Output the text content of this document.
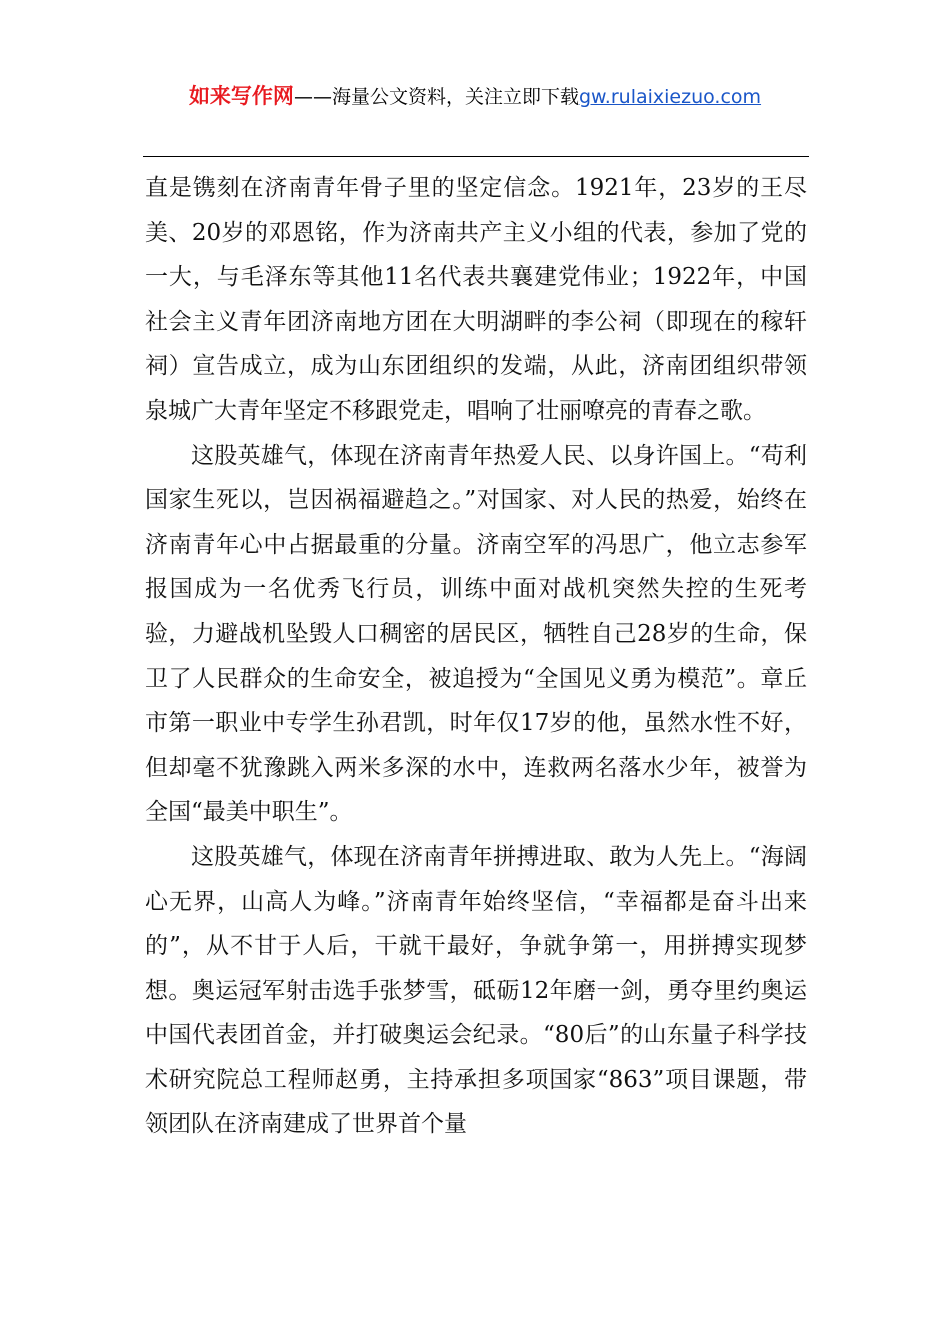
如来写作网——海量公文资料，关注立即下载gw.rulaixiezuo.com

直是镌刻在济南青年骨子里的坚定信念。1921年，23岁的王尽美、20岁的邓恩铭，作为济南共产主义小组的代表，参加了党的一大，与毛泽东等其他11名代表共襄建党伟业；1922年，中国社会主义青年团济南地方团在大明湖畔的李公祠（即现在的稼轩祠）宣告成立，成为山东团组织的发端，从此，济南团组织带领泉城广大青年坚定不移跟党走，唱响了壮丽嘹亮的青春之歌。

这股英雄气，体现在济南青年热爱人民、以身许国上。“苟利国家生死以，岂因祸福避趋之。”对国家、对人民的热爱，始终在济南青年心中占据最重的分量。济南空军的冯思广，他立志参军报国成为一名优秀飞行员，训练中面对战机突然失控的生死考验，力避战机坠毁人口稠密的居民区，牺牲自己28岁的生命，保卫了人民群众的生命安全，被追授为“全国见义勇为模范”。章丘市第一职业中专学生孙君凯，时年仅17岁的他，虽然水性不好，但却毫不犹豫跳入两米多深的水中，连救两名落水少年，被誉为全国“最美中职生”。

这股英雄气，体现在济南青年拼搏进取、敢为人先上。“海阔心无界，山高人为峰。”济南青年始终坚信，“幸福都是奋斗出来的”，从不甘于人后，干就干最好，争就争第一，用拼搏实现梦想。奥运冠军射击选手张梦雪，砥砺12年磨一剑，勇夺里约奥运中国代表团首金，并打破奥运会纪录。“80后”的山东量子科学技术研究院总工程师赵勇，主持承担多项国家“863”项目课题，带领团队在济南建成了世界首个量
